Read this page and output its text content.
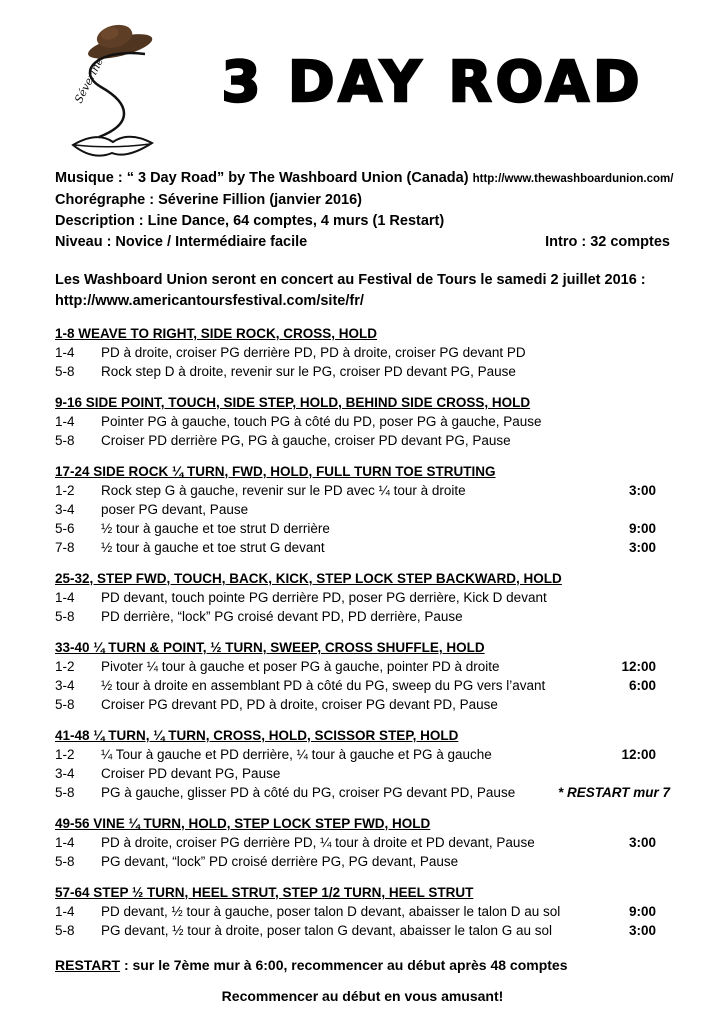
Séverine	3 DAY ROAD
Musique : “ 3 Day Road” by The Washboard Union (Canada) http://www.thewashboardunion.com/
Chorégraphe : Séverine Fillion (janvier 2016)
Description : Line Dance, 64 comptes, 4 murs (1 Restart)
Niveau : Novice / Intermédiaire facile	Intro : 32 comptes
Les Washboard Union seront en concert au Festival de Tours le samedi 2 juillet 2016 :
http://www.americantoursfestival.com/site/fr/
1-8 WEAVE TO RIGHT, SIDE ROCK, CROSS, HOLD
1-4	PD à droite, croiser PG derrière PD, PD à droite, croiser PG devant PD
5-8	Rock step D à droite, revenir sur le PG, croiser PD devant PG, Pause
9-16 SIDE POINT, TOUCH, SIDE STEP, HOLD, BEHIND SIDE CROSS, HOLD
1-4	Pointer PG à gauche, touch PG à côté du PD, poser PG à gauche, Pause
5-8	Croiser PD derrière PG, PG à gauche, croiser PD devant PG, Pause
17-24 SIDE ROCK ¼ TURN, FWD, HOLD, FULL TURN TOE STRUTING
1-2	Rock step G à gauche, revenir sur le PD avec ¼ tour à droite	3:00
3-4	poser PG devant, Pause
5-6	½ tour à gauche et toe strut D derrière	9:00
7-8	½ tour à gauche et toe strut G devant	3:00
25-32, STEP FWD, TOUCH, BACK, KICK, STEP LOCK STEP BACKWARD, HOLD
1-4	PD devant, touch pointe PG derrière PD, poser PG derrière, Kick D devant
5-8	PD derrière, “lock” PG croisé devant PD, PD derrière, Pause
33-40 ¼ TURN & POINT, ½ TURN, SWEEP, CROSS SHUFFLE, HOLD
1-2	Pivoter ¼ tour à gauche et poser PG à gauche, pointer PD à droite	12:00
3-4	½ tour à droite en assemblant PD à côté du PG, sweep du PG vers l’avant	6:00
5-8	Croiser PG drevant PD, PD à droite, croiser PG devant PD, Pause
41-48 ¼ TURN, ¼ TURN, CROSS, HOLD, SCISSOR STEP, HOLD
1-2	¼ Tour à gauche et PD derrière, ¼ tour à gauche et PG à gauche	12:00
3-4	Croiser PD devant PG, Pause
5-8	PG à gauche, glisser PD à côté du PG, croiser PG devant PD, Pause	* RESTART mur 7
49-56 VINE ¼ TURN, HOLD, STEP LOCK STEP FWD, HOLD
1-4	PD à droite, croiser PG derrière PD, ¼ tour à droite et PD devant, Pause	3:00
5-8	PG devant, “lock” PD croisé derrière PG, PG devant, Pause
57-64 STEP ½ TURN, HEEL STRUT, STEP 1/2 TURN, HEEL STRUT
1-4	PD devant, ½ tour à gauche, poser talon D devant, abaisser le talon D au sol	9:00
5-8	PG devant, ½ tour à droite, poser talon G devant, abaisser le talon G au sol	3:00
RESTART : sur le 7ème mur à 6:00, recommencer au début après 48 comptes
Recommencer au début en vous amusant!
